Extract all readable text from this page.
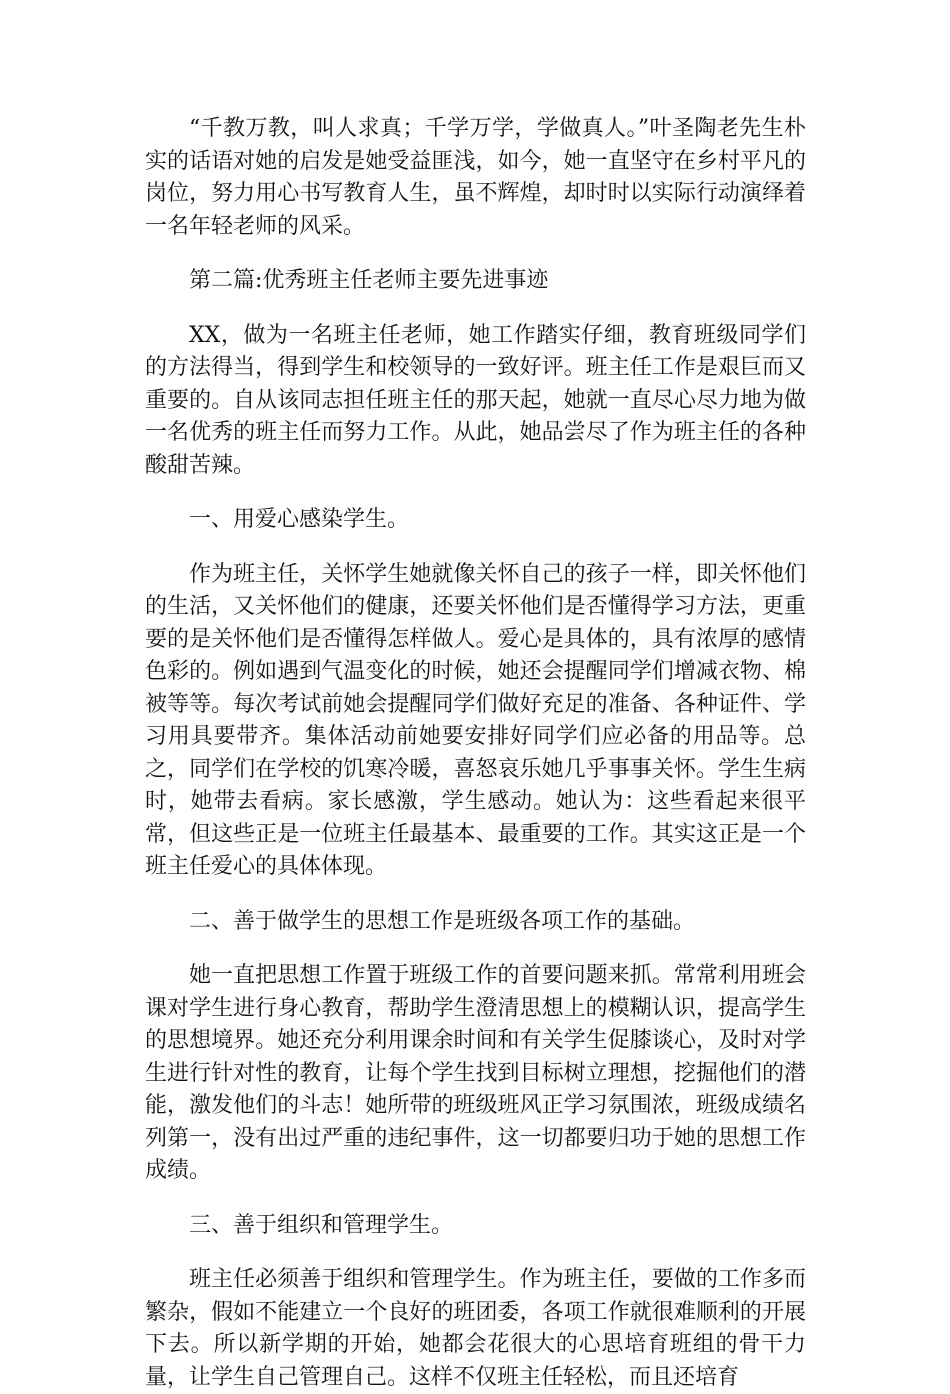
“千教万教，叫人求真；千学万学，学做真人。”叶圣陶老先生朴实的话语对她的启发是她受益匪浅，如今，她一直坚守在乡村平凡的岗位，努力用心书写教育人生，虽不辉煌，却时时以实际行动演绎着一名年轻老师的风采。

第二篇:优秀班主任老师主要先进事迹

XX，做为一名班主任老师，她工作踏实仔细，教育班级同学们的方法得当，得到学生和校领导的一致好评。班主任工作是艰巨而又重要的。自从该同志担任班主任的那天起，她就一直尽心尽力地为做一名优秀的班主任而努力工作。从此，她品尝尽了作为班主任的各种酸甜苦辣。

一、用爱心感染学生。

作为班主任，关怀学生她就像关怀自己的孩子一样，即关怀他们的生活，又关怀他们的健康，还要关怀他们是否懂得学习方法，更重要的是关怀他们是否懂得怎样做人。爱心是具体的，具有浓厚的感情色彩的。例如遇到气温变化的时候，她还会提醒同学们增减衣物、棉被等等。每次考试前她会提醒同学们做好充足的准备、各种证件、学习用具要带齐。集体活动前她要安排好同学们应必备的用品等。总之，同学们在学校的饥寒冷暖，喜怒哀乐她几乎事事关怀。学生生病时，她带去看病。家长感激，学生感动。她认为：这些看起来很平常，但这些正是一位班主任最基本、最重要的工作。其实这正是一个班主任爱心的具体体现。

二、善于做学生的思想工作是班级各项工作的基础。

她一直把思想工作置于班级工作的首要问题来抓。常常利用班会课对学生进行身心教育，帮助学生澄清思想上的模糊认识，提高学生的思想境界。她还充分利用课余时间和有关学生促膝谈心，及时对学生进行针对性的教育，让每个学生找到目标树立理想，挖掘他们的潜能，激发他们的斗志！她所带的班级班风正学习氛围浓，班级成绩名列第一，没有出过严重的违纪事件，这一切都要归功于她的思想工作成绩。

三、善于组织和管理学生。

班主任必须善于组织和管理学生。作为班主任，要做的工作多而繁杂，假如不能建立一个良好的班团委，各项工作就很难顺利的开展下去。所以新学期的开始，她都会花很大的心思培育班组的骨干力量，让学生自己管理自己。这样不仅班主任轻松，而且还培育
